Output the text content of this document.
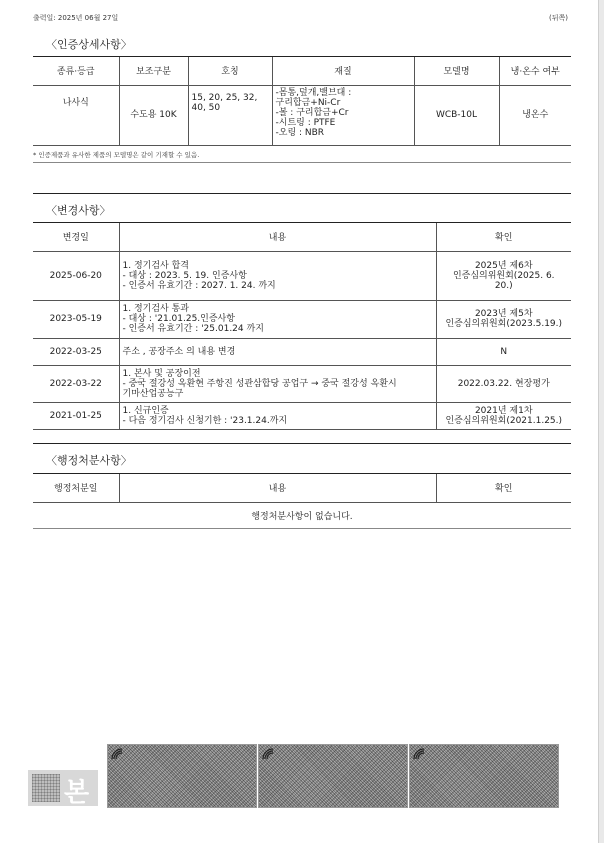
출력일: 2025년 06월 27일	(뒤쪽)
〈인증상세사항〉
종류·등급	보조구분	호칭	재질	모델명	냉·온수 여부
나사식	수도용 10K	15, 20, 25, 32,
40, 50	-몸통,덮개,밸브대 :
구리합금+Ni-Cr
-볼 : 구리합금+Cr
-시트링 : PTFE
-오링 : NBR	WCB-10L	냉온수
* 인증제품과 유사한 제품의 모델명은 같이 기재할 수 있음.
〈변경사항〉
변경일	내용	확인
2025-06-20	1. 정기검사 합격
- 대상 : 2023. 5. 19. 인증사항
- 인증서 유효기간 : 2027. 1. 24. 까지	2025년 제6차
인증심의위원회(2025. 6.
20.)
2023-05-19	1. 정기검사 통과
- 대상 : '21.01.25.인증사항
- 인증서 유효기간 : '25.01.24 까지	2023년 제5차
인증심의위원회(2023.5.19.)
2022-03-25	주소 , 공장주소 의 내용 변경	N
2022-03-22	1. 본사 및 공장이전
- 중국 절강성 옥환현 주항진 성관삼합당 공업구 → 중국 절강성 옥환시
기마산업공능구	2022.03.22. 현장평가
2021-01-25	1. 신규인증
- 다음 정기검사 신청기한 : '23.1.24.까지	2021년 제1차
인증심의위원회(2021.1.25.)
〈행정처분사항〉
행정처분일	내용	확인
행정처분사항이 없습니다.
본
